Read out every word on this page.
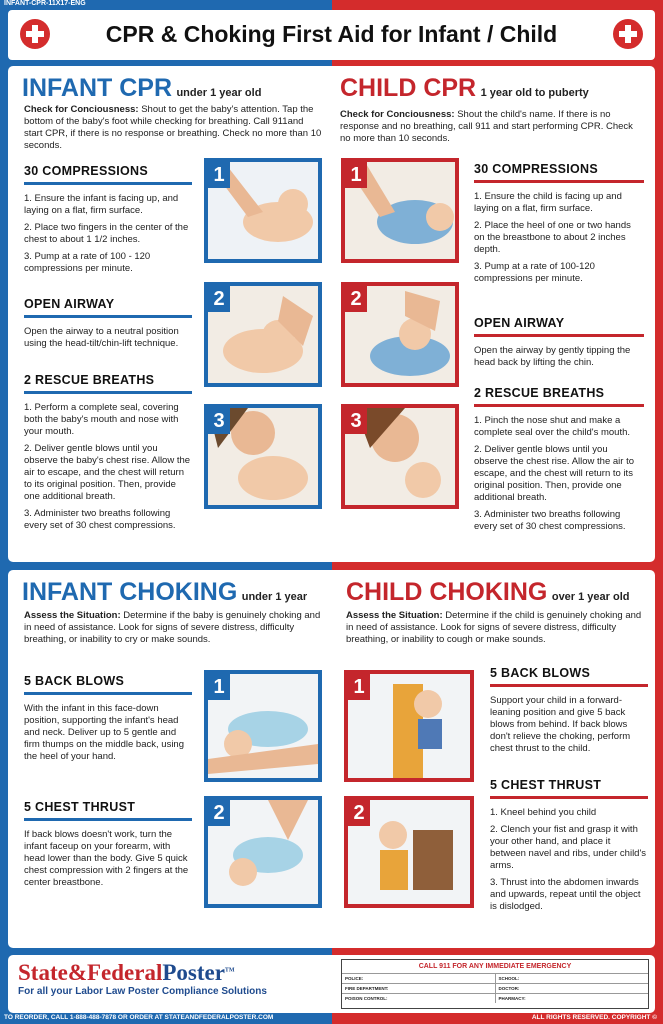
INFANT-CPR-11X17-ENG
CPR & Choking First Aid for Infant / Child
INFANT CPR under 1 year old
Check for Conciousness: Shout to get the baby's attention. Tap the bottom of the baby's foot while checking for breathing. Call 911and start CPR, if there is no response or breathing. Check no more than 10 seconds.
30 COMPRESSIONS
1. Ensure the infant is facing up, and laying on a flat, firm surface.
2. Place two fingers in the center of the chest to about 1 1/2 inches.
3. Pump at a rate of 100 - 120 compressions per minute.
OPEN AIRWAY
Open the airway to a neutral position using the head-tilt/chin-lift technique.
2 RESCUE BREATHS
1. Perform a complete seal, covering both the baby's mouth and nose with your mouth.
2. Deliver gentle blows until you observe the baby's chest rise. Allow the air to escape, and the chest will return to its original position. Then, provide one additional breath.
3. Administer two breaths following every set of 30 chest compressions.
1
2
3
CHILD CPR 1 year old to puberty
Check for Conciousness: Shout the child's name. If there is no response and no breathing, call 911 and start performing CPR. Check no more than 10 seconds.
1
2
3
30 COMPRESSIONS
1. Ensure the child is facing up and laying on a flat, firm surface.
2. Place the heel of one or two hands on the breastbone to about 2 inches depth.
3. Pump at a rate of 100-120 compressions per minute.
OPEN AIRWAY
Open the airway by gently tipping the head back by lifting the chin.
2 RESCUE BREATHS
1. Pinch the nose shut and make a complete seal over the child's mouth.
2. Deliver gentle blows until you observe the chest rise. Allow the air to escape, and the chest will return to its original position. Then, provide one additional breath.
3. Administer two breaths following every set of 30 chest compressions.
INFANT CHOKING under 1 year
Assess the Situation: Determine if the baby is genuinely choking and in need of assistance. Look for signs of severe distress, difficulty breathing, or inability to cry or make sounds.
5 BACK BLOWS
With the infant in this face-down position, supporting the infant's head and neck. Deliver up to 5 gentle and firm thumps on the middle back, using the heel of your hand.
5 CHEST THRUST
If back blows doesn't work, turn the infant faceup on your forearm, with head lower than the body. Give 5 quick chest compression with 2 fingers at the center breastbone.
1
2
CHILD CHOKING over 1 year old
Assess the Situation: Determine if the child is genuinely choking and in need of assistance. Look for signs of severe distress, difficulty breathing, or inability to cough or make sounds.
1
2
5 BACK BLOWS
Support your child in a forward-leaning position and give 5 back blows from behind. If back blows don't relieve the choking, perform chest thrust to the child.
5 CHEST THRUST
1. Kneel behind you child
2. Clench your fist and grasp it with your other hand, and place it between navel and ribs, under child's arms.
3. Thrust into the abdomen inwards and upwards, repeat until the object is dislodged.
State&FederalPoster™
For all your Labor Law Poster Compliance Solutions
CALL 911 FOR ANY IMMEDIATE EMERGENCY
POLICE:	SCHOOL:
FIRE DEPARTMENT:	DOCTOR:
POISON CONTROL:	PHARMACY:
TO REORDER, CALL 1-888-488-7878 OR ORDER AT STATEANDFEDERALPOSTER.COM	ALL RIGHTS RESERVED. COPYRIGHT ©
